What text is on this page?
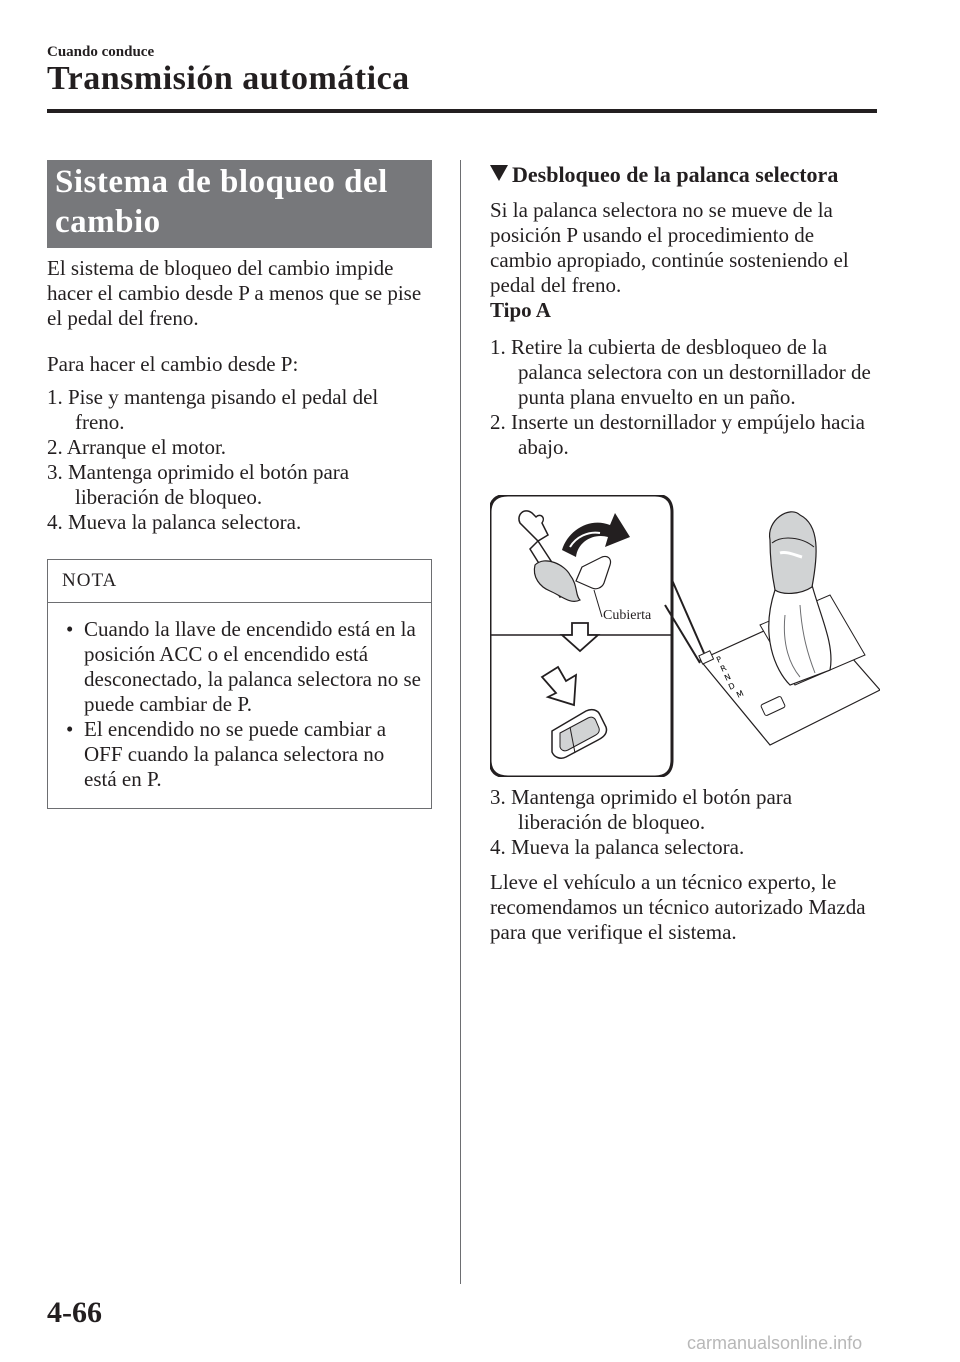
Cuando conduce
Transmisión automática
Sistema de bloqueo del cambio

El sistema de bloqueo del cambio impide hacer el cambio desde P a menos que se pise el pedal del freno.

Para hacer el cambio desde P:

1. Pise y mantenga pisando el pedal del freno.
2. Arranque el motor.
3. Mantenga oprimido el botón para liberación de bloqueo.
4. Mueva la palanca selectora.
NOTA
• Cuando la llave de encendido está en la posición ACC o el encendido está desconectado, la palanca selectora no se puede cambiar de P.
• El encendido no se puede cambiar a OFF cuando la palanca selectora no está en P.
Desbloqueo de la palanca selectora

Si la palanca selectora no se mueve de la posición P usando el procedimiento de cambio apropiado, continúe sosteniendo el pedal del freno.

Tipo A
1. Retire la cubierta de desbloqueo de la palanca selectora con un destornillador de punta plana envuelto en un paño.
2. Inserte un destornillador y empújelo hacia abajo.
P
R
N
D
M
Cubierta
3. Mantenga oprimido el botón para liberación de bloqueo.
4. Mueva la palanca selectora.

Lleve el vehículo a un técnico experto, le recomendamos un técnico autorizado Mazda para que verifique el sistema.

4-66
carmanualsonline.info
